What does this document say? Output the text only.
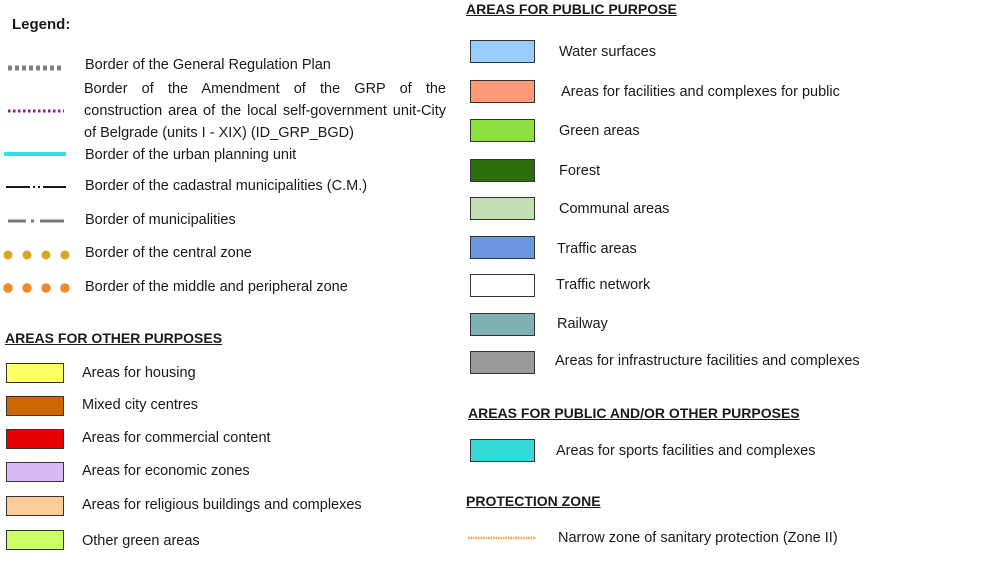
Legend:
Border of the General Regulation Plan
Border of the Amendment of the GRP of the construction area of the local self-government unit-City of Belgrade (units I - XIX) (ID_GRP_BGD)
Border of the urban planning unit
Border of the cadastral municipalities (C.M.)
Border of municipalities
Border of the central zone
Border of the middle and peripheral zone
AREAS FOR OTHER PURPOSES
Areas for housing
Mixed city centres
Areas for commercial content
Areas for economic zones
Areas for religious buildings and complexes
Other green areas
AREAS FOR PUBLIC PURPOSE
Water surfaces
Areas for facilities and complexes for public
Green areas
Forest
Communal areas
Traffic areas
Traffic network
Railway
Areas for infrastructure facilities and complexes
AREAS FOR PUBLIC AND/OR OTHER PURPOSES
Areas for sports facilities and complexes
PROTECTION ZONE
Narrow zone of sanitary protection (Zone II)
